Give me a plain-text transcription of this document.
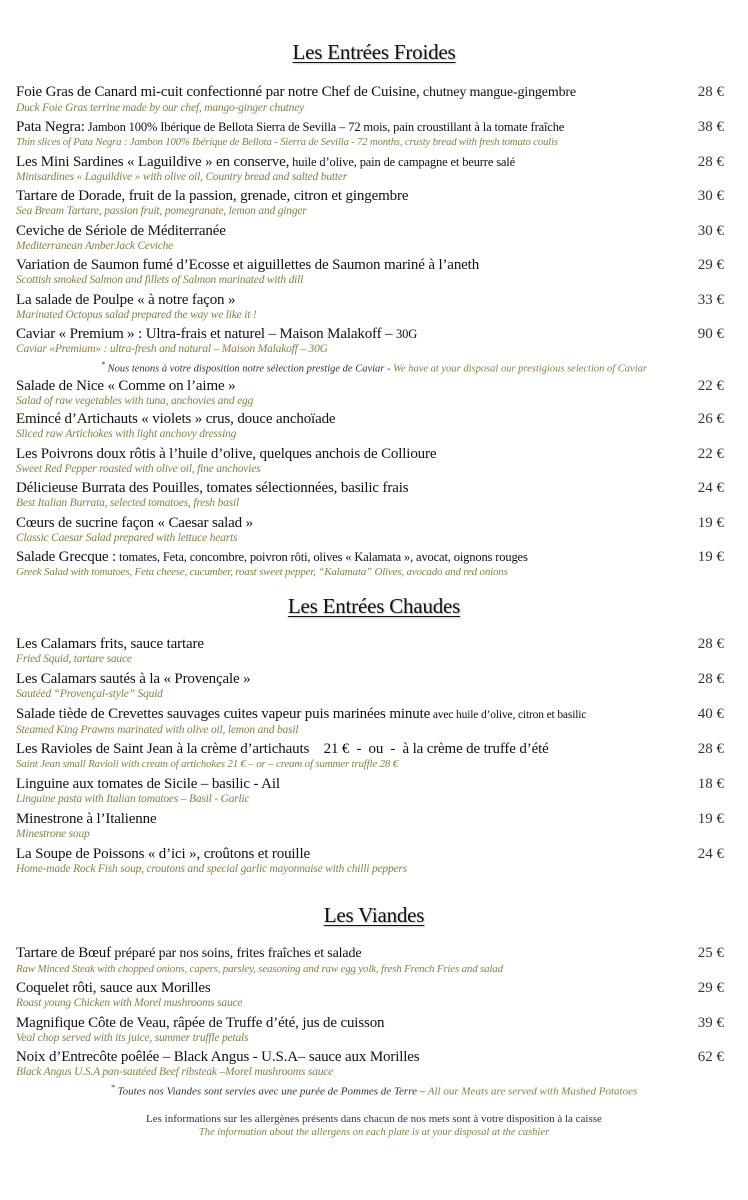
Les Entrées Froides
Foie Gras de Canard mi-cuit confectionné par notre Chef de Cuisine, chutney mangue-gingembre
Duck Foie Gras terrine made by our chef, mango-ginger chutney
28 €
Pata Negra: Jambon 100% Ibérique de Bellota Sierra de Sevilla – 72 mois, pain croustillant à la tomate fraîche
Thin slices of Pata Negra : Jambon 100% Ibérique de Bellota - Sierra de Sevilla - 72 months, crusty bread with fresh tomato coulis
38 €
Les Mini Sardines « Laguildive » en conserve, huile d’olive, pain de campagne et beurre salé
Minisardines « Laguildive » with olive oil, Country bread and salted butter
28 €
Tartare de Dorade, fruit de la passion, grenade, citron et gingembre
Sea Bream Tartare, passion fruit, pomegranate, lemon and ginger
30 €
Ceviche de Sériole de Méditerranée
Mediterranean AmberJack Ceviche
30 €
Variation de Saumon fumé d’Ecosse et aiguillettes de Saumon mariné à l’aneth
Scottish smoked Salmon and fillets of Salmon marinated with dill
29 €
La salade de Poulpe « à notre façon »
Marinated Octopus salad prepared the way we like it !
33 €
Caviar « Premium » : Ultra-frais et naturel – Maison Malakoff – 30G
Caviar «Premium» : ultra-fresh and natural – Maison Malakoff – 30G
90 €
* Nous tenons à votre disposition notre sélection prestige de Caviar - We have at your disposal our prestigious selection of Caviar
Salade de Nice « Comme on l’aime »
Salad of raw vegetables with tuna, anchovies and egg
22 €
Emincé d’Artichauts « violets » crus, douce anchoïade
Sliced raw Artichokes with light anchovy dressing
26 €
Les Poivrons doux rôtis à l’huile d’olive, quelques anchois de Collioure
Sweet Red Pepper roasted with olive oil, fine anchovies
22 €
Délicieuse Burrata des Pouilles, tomates sélectionnées, basilic frais
Best Italian Burrata, selected tomatoes, fresh basil
24 €
Cœurs de sucrine façon « Caesar salad »
Classic Caesar Salad prepared with lettuce hearts
19 €
Salade Grecque : tomates, Feta, concombre, poivron rôti, olives « Kalamata », avocat, oignons rouges
Greek Salad with tomatoes, Feta cheese, cucumber, roast sweet pepper, “Kalamata” Olives, avocado and red onions
19 €
Les Entrées Chaudes
Les Calamars frits, sauce tartare
Fried Squid, tartare sauce
28 €
Les Calamars sautés à la « Provençale »
Sautéed “Provençal-style” Squid
28 €
Salade tiède de Crevettes sauvages cuites vapeur puis marinées minute avec huile d’olive, citron et basilic
Steamed King Prawns marinated with olive oil, lemon and basil
40 €
Les Ravioles de Saint Jean à la crème d’artichauts    21 €  -  ou  -  à la crème de truffe d’été
Saint Jean small Ravioli with cream of artichokes 21 € – or – cream of summer truffle 28 €
28 €
Linguine aux tomates de Sicile – basilic - Ail
Linguine pasta with Italian tomatoes – Basil - Garlic
18 €
Minestrone à l’Italienne
Minestrone soup
19 €
La Soupe de Poissons « d’ici », croûtons et rouille
Home-made Rock Fish soup, croutons and special garlic mayonnaise with chilli peppers
24 €
Les Viandes
Tartare de Bœuf préparé par nos soins, frites fraîches et salade
Raw Minced Steak with chopped onions, capers, parsley, seasoning and raw egg yolk, fresh French Fries and salad
25 €
Coquelet rôti, sauce aux Morilles
Roast young Chicken with Morel mushrooms sauce
29 €
Magnifique Côte de Veau, râpée de Truffe d’été, jus de cuisson
Veal chop served with its juice, summer truffle petals
39 €
Noix d’Entrecôte poêlée – Black Angus - U.S.A– sauce aux Morilles
Black Angus U.S.A pan-sautéed Beef ribsteak –Morel mushrooms sauce
62 €
* Toutes nos Viandes sont servies avec une purée de Pommes de Terre – All our Meats are served with Mashed Potatoes
Les informations sur les allergènes présents dans chacun de nos mets sont à votre disposition à la caisse
The information about the allergens on each plate is at your disposal at the cashier
